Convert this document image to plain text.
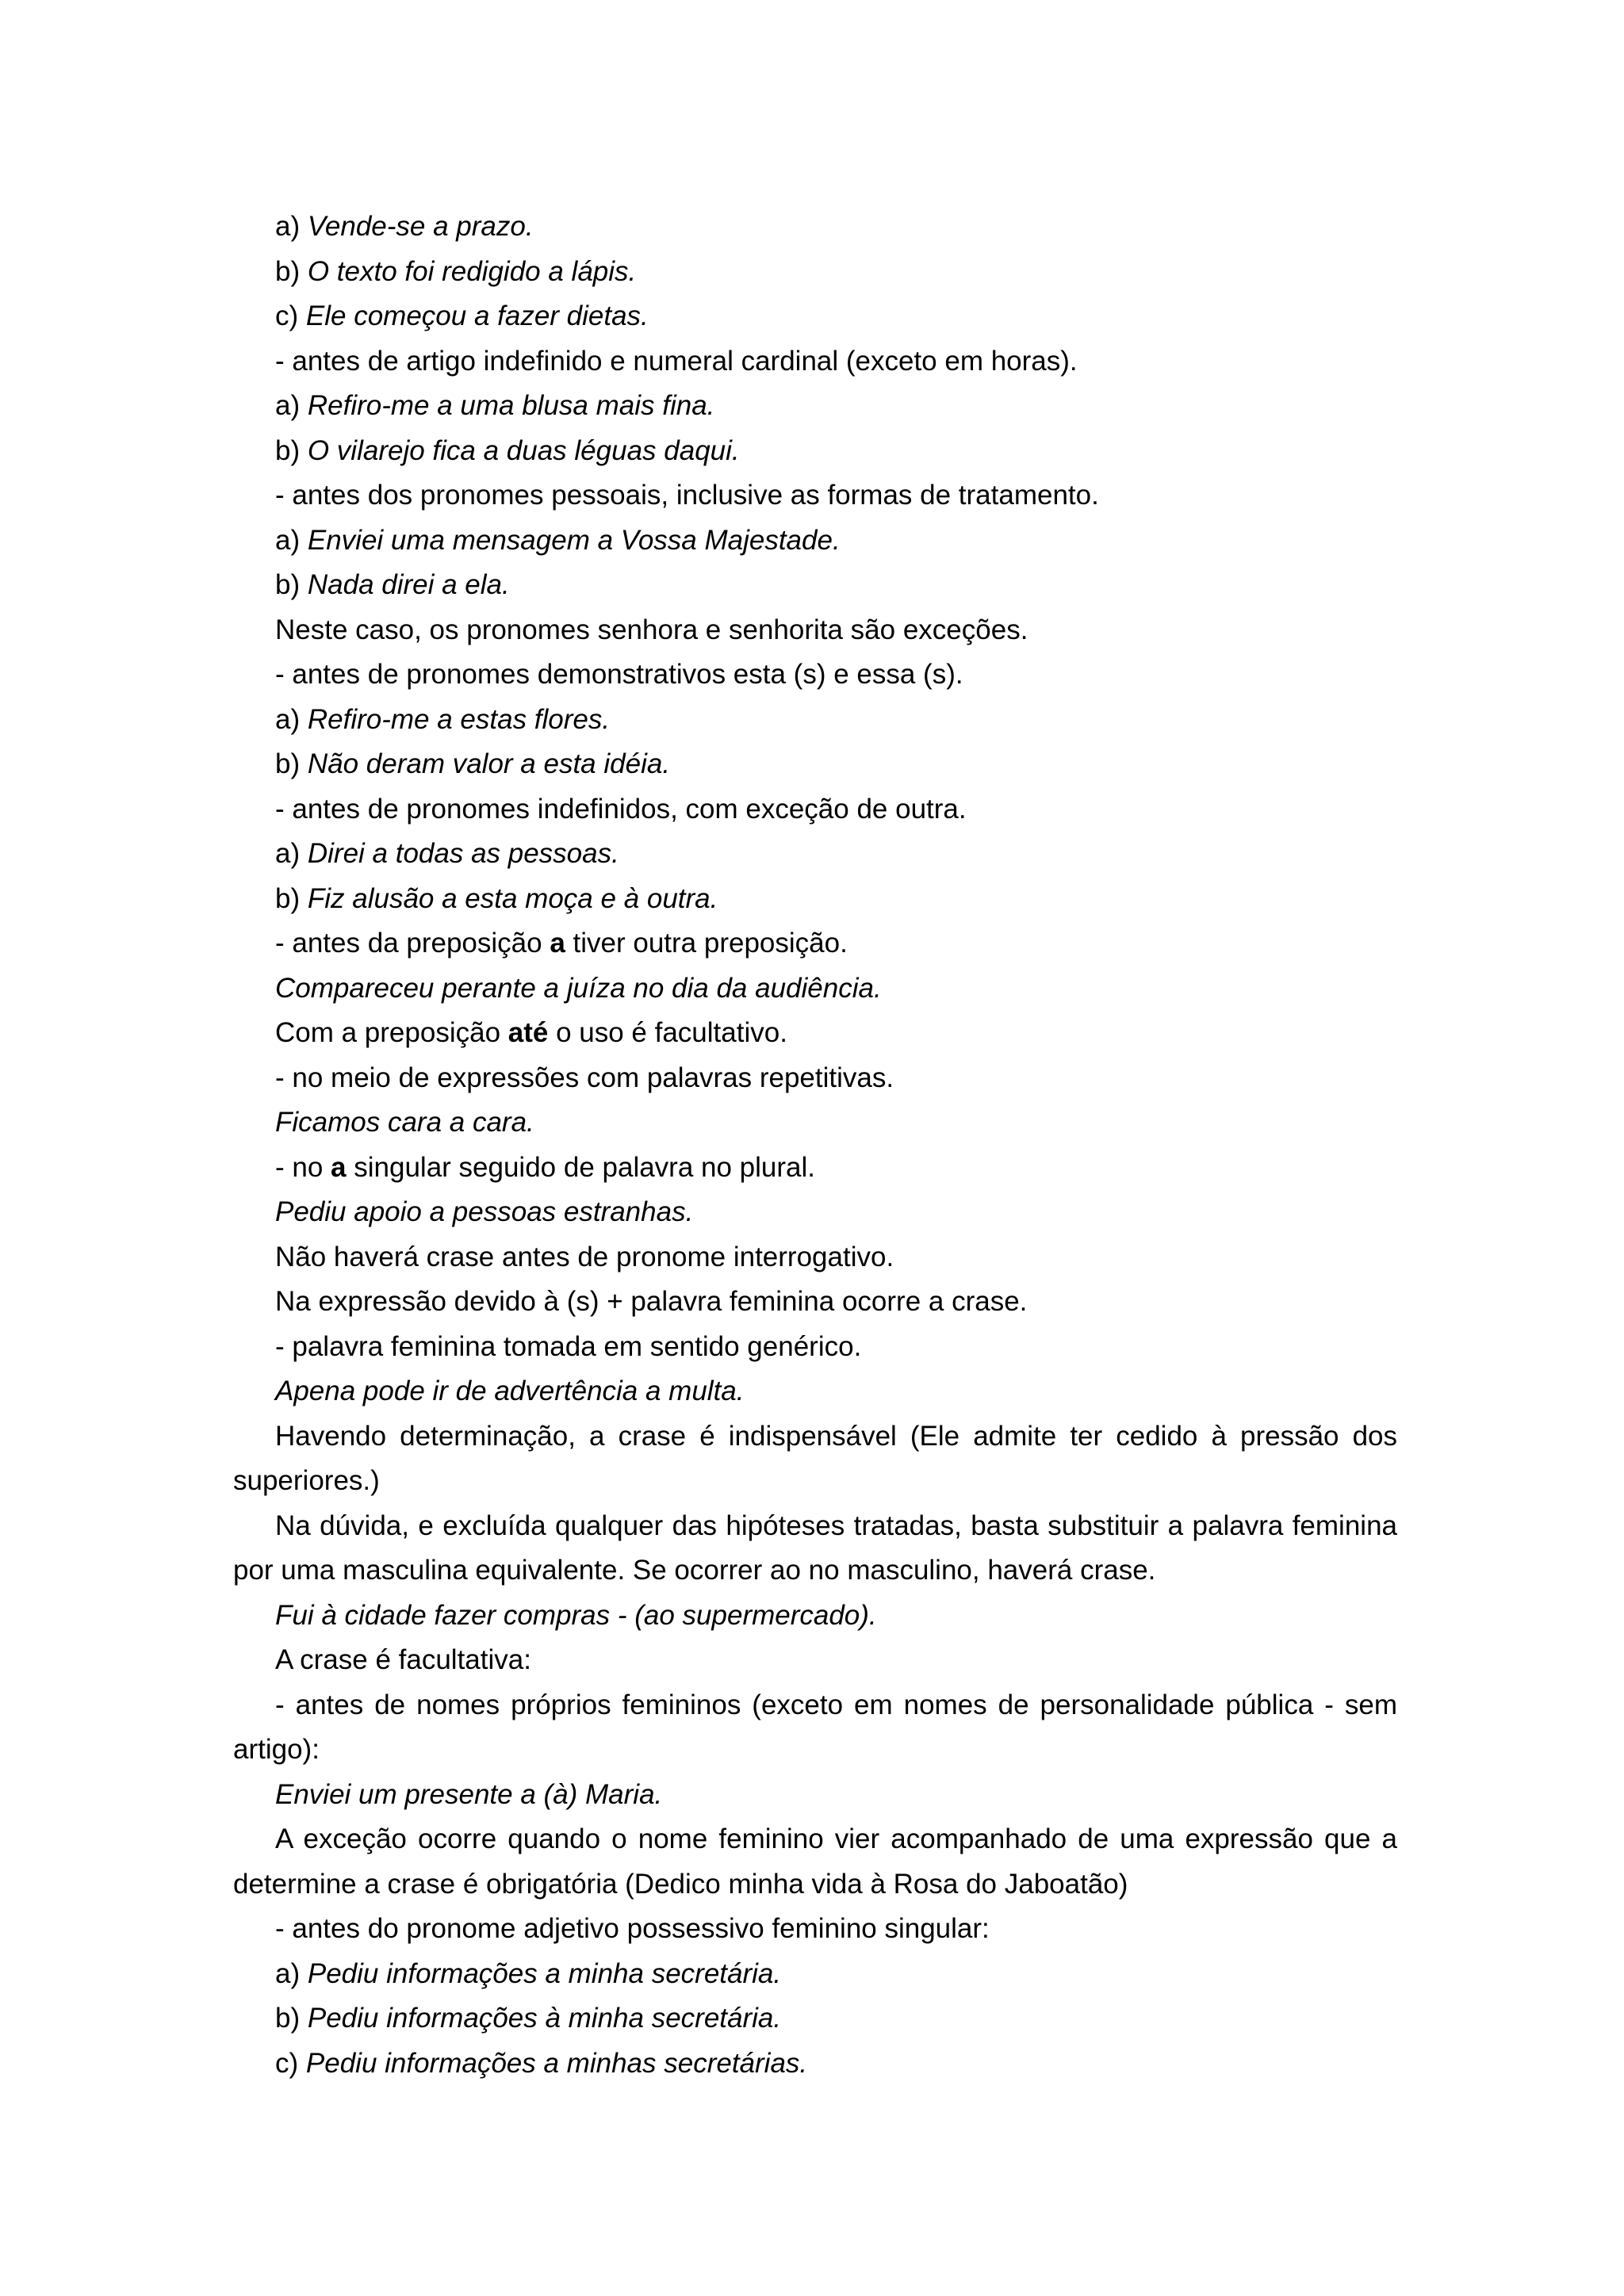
a) Vende-se a prazo.

b) O texto foi redigido a lápis.

c) Ele começou a fazer dietas.

- antes de artigo indefinido e numeral cardinal (exceto em horas).

a) Refiro-me a uma blusa mais fina.

b) O vilarejo fica a duas léguas daqui.

- antes dos pronomes pessoais, inclusive as formas de tratamento.

a) Enviei uma mensagem a Vossa Majestade.

b) Nada direi a ela.

Neste caso, os pronomes senhora e senhorita são exceções.

- antes de pronomes demonstrativos esta (s) e essa (s).

a) Refiro-me a estas flores.

b) Não deram valor a esta idéia.

- antes de pronomes indefinidos, com exceção de outra.

a) Direi a todas as pessoas.

b) Fiz alusão a esta moça e à outra.

- antes da preposição a tiver outra preposição.

Compareceu perante a juíza no dia da audiência.

Com a preposição até o uso é facultativo.

- no meio de expressões com palavras repetitivas.

Ficamos cara a cara.

- no a singular seguido de palavra no plural.

Pediu apoio a pessoas estranhas.

Não haverá crase antes de pronome interrogativo.

Na expressão devido à (s) + palavra feminina ocorre a crase.

- palavra feminina tomada em sentido genérico.

Apena pode ir de advertência a multa.

Havendo determinação, a crase é indispensável (Ele admite ter cedido à pressão dos superiores.)

Na dúvida, e excluída qualquer das hipóteses tratadas, basta substituir a palavra feminina por uma masculina equivalente. Se ocorrer ao no masculino, haverá crase.

Fui à cidade fazer compras - (ao supermercado).

A crase é facultativa:

- antes de nomes próprios femininos (exceto em nomes de personalidade pública - sem artigo):

Enviei um presente a (à) Maria.

A exceção ocorre quando o nome feminino vier acompanhado de uma expressão que a determine a crase é obrigatória (Dedico minha vida à Rosa do Jaboatão)

- antes do pronome adjetivo possessivo feminino singular:

a) Pediu informações a minha secretária.

b) Pediu informações à minha secretária.

c) Pediu informações a minhas secretárias.
